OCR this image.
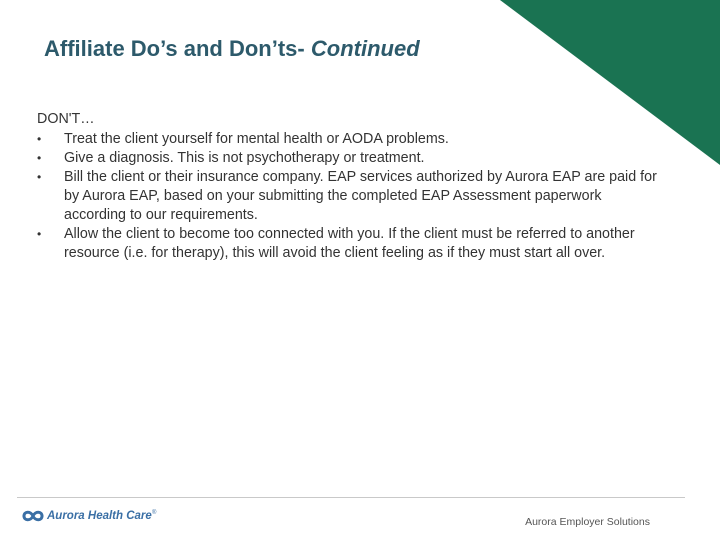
Affiliate Do’s and Don’ts- Continued
DON'T…
• Treat the client yourself for mental health or AODA problems.
• Give a diagnosis. This is not psychotherapy or treatment.
• Bill the client or their insurance company. EAP services authorized by Aurora EAP are paid for by Aurora EAP, based on your submitting the completed EAP Assessment paperwork according to our requirements.
• Allow the client to become too connected with you. If the client must be referred to another resource (i.e. for therapy), this will avoid the client feeling as if they must start all over.
Aurora Health Care®
Aurora Employer Solutions
